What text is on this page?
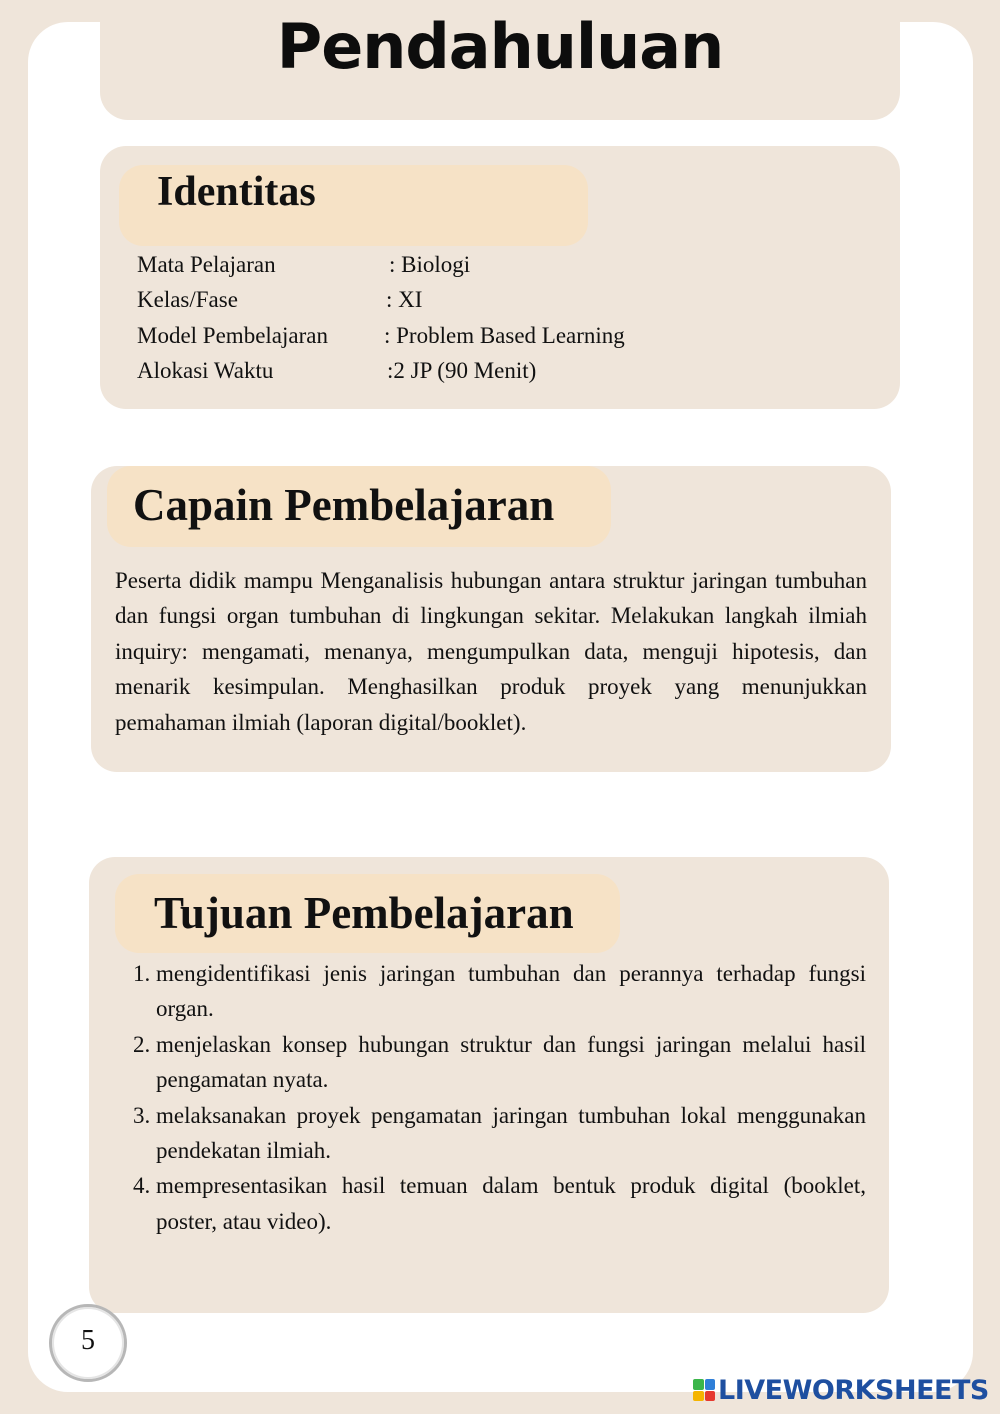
Pendahuluan
Identitas
Mata Pelajaran	: Biologi
Kelas/Fase	: XI
Model Pembelajaran : Problem Based Learning
Alokasi Waktu	:2 JP (90 Menit)
Capain Pembelajaran

Peserta didik mampu Menganalisis hubungan antara struktur jaringan tumbuhan dan fungsi organ tumbuhan di lingkungan sekitar. Melakukan langkah ilmiah inquiry: mengamati, menanya, mengumpulkan data, menguji hipotesis, dan menarik kesimpulan. Menghasilkan produk proyek yang menunjukkan pemahaman ilmiah (laporan digital/booklet).

Tujuan Pembelajaran
1. mengidentifikasi jenis jaringan tumbuhan dan perannya terhadap fungsi organ.
2. menjelaskan konsep hubungan struktur dan fungsi jaringan melalui hasil pengamatan nyata.
3. melaksanakan proyek pengamatan jaringan tumbuhan lokal menggunakan pendekatan ilmiah.
4. mempresentasikan hasil temuan dalam bentuk produk digital (booklet, poster, atau video).
5
LIVEWORKSHEETS
